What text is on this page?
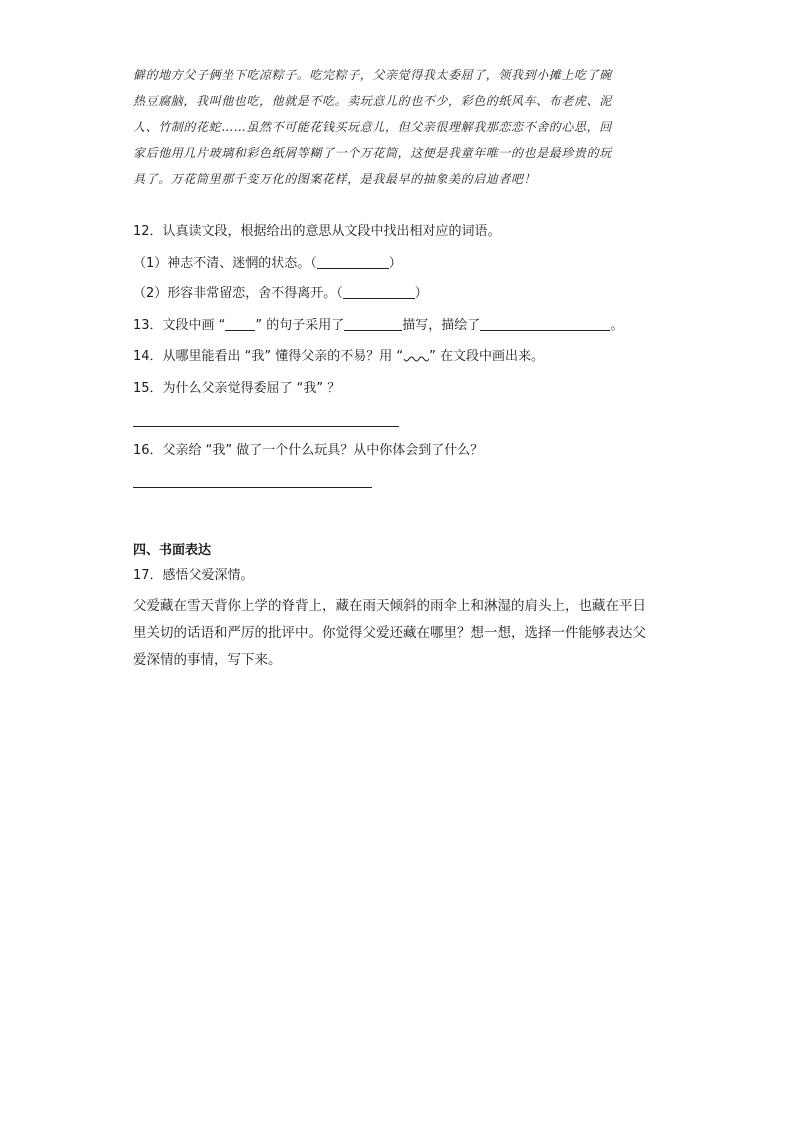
僻的地方父子俩坐下吃凉粽子。吃完粽子，父亲觉得我太委屈了，领我到小摊上吃了碗
热豆腐脑，我叫他也吃，他就是不吃。卖玩意儿的也不少，彩色的纸风车、布老虎、泥
人、竹制的花蛇……虽然不可能花钱买玩意儿，但父亲很理解我那恋恋不舍的心思，回
家后他用几片玻璃和彩色纸屑等糊了一个万花筒，这便是我童年唯一的也是最珍贵的玩
具了。万花筒里那千变万化的图案花样，是我最早的抽象美的启迪者吧！
12．认真读文段，根据给出的意思从文段中找出相对应的词语。
（1）神志不清、迷惘的状态。（	）
（2）形容非常留恋，舍不得离开。（	）
13．文段中画 “ ” 的句子采用了	描写，描绘了	。
14．从哪里能看出 “我” 懂得父亲的不易？用 “ ” 在文段中画出来。
15．为什么父亲觉得委屈了 “我” ？
16．父亲给 “我” 做了一个什么玩具？从中你体会到了什么？
四、书面表达
17．感悟父爱深情。
父爱藏在雪天背你上学的脊背上，藏在雨天倾斜的雨伞上和淋湿的肩头上，也藏在平日
里关切的话语和严厉的批评中。你觉得父爱还藏在哪里？想一想，选择一件能够表达父
爱深情的事情，写下来。
